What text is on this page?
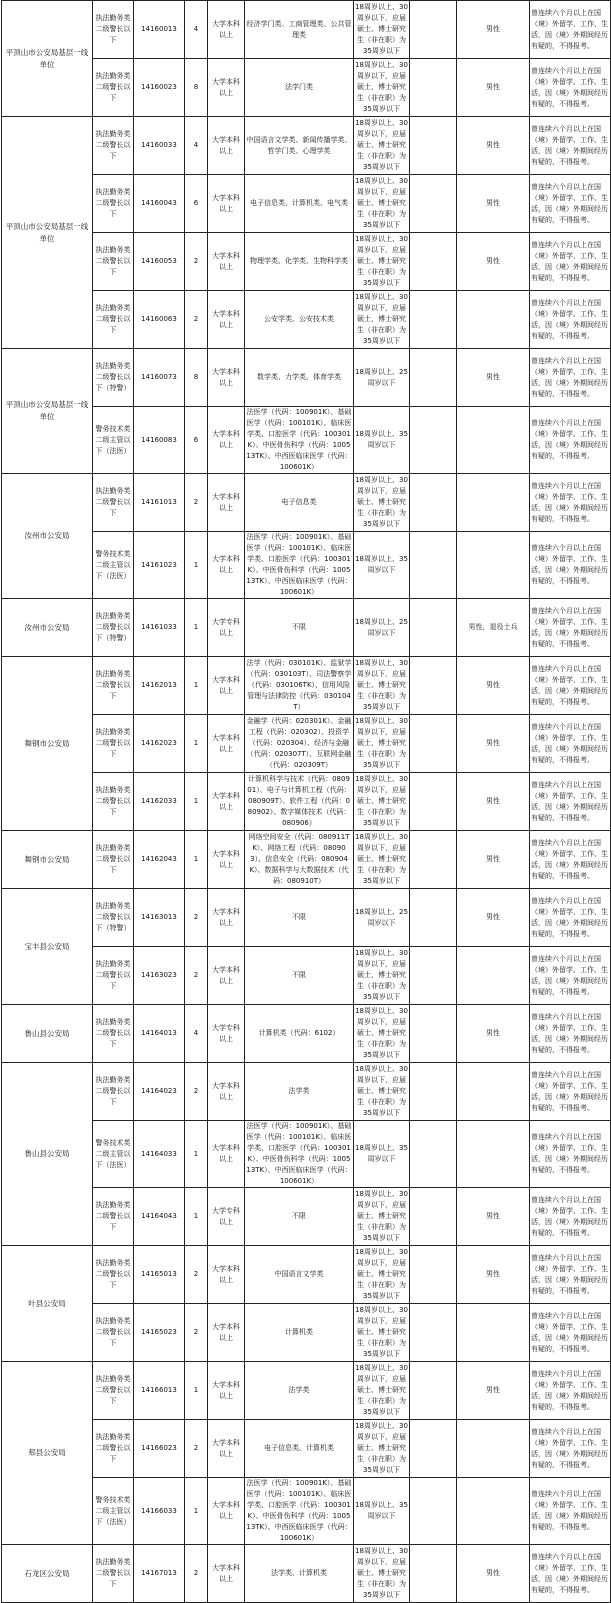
平顶山市公安局基层一线单位	执法勤务类二级警长以下	14160013	4	大学本科以上	经济学门类、工商管理类、公共管理类	18周岁以上、30周岁以下，应届硕士、博士研究生（非在职）为35周岁以下		男性		曾连续六个月以上在国（境）外留学、工作、生活，因（境）外期间经历有疑的，不得报考。
	执法勤务类二级警长以下	14160023	8	大学本科以上	法学门类	18周岁以上、30周岁以下，应届硕士、博士研究生（非在职）为35周岁以下		男性		曾连续六个月以上在国（境）外留学、工作、生活，因（境）外期间经历有疑的，不得报考。
平顶山市公安局基层一线单位	执法勤务类二级警长以下	14160033	4	大学本科以上	中国语言文学类、新闻传播学类、哲学门类、心理学类	18周岁以上、30周岁以下，应届硕士、博士研究生（非在职）为35周岁以下		男性		曾连续六个月以上在国（境）外留学、工作、生活，因（境）外期间经历有疑的，不得报考。
	执法勤务类二级警长以下	14160043	6	大学本科以上	电子信息类、计算机类、电气类	18周岁以上、30周岁以下，应届硕士、博士研究生（非在职）为35周岁以下		男性		曾连续六个月以上在国（境）外留学、工作、生活，因（境）外期间经历有疑的，不得报考。
	执法勤务类二级警长以下	14160053	2	大学本科以上	物理学类、化学类、生物科学类	18周岁以上、30周岁以下，应届硕士、博士研究生（非在职）为35周岁以下		男性		曾连续六个月以上在国（境）外留学、工作、生活，因（境）外期间经历有疑的，不得报考。
	执法勤务类二级警长以下	14160063	2	大学本科以上	公安学类、公安技术类	18周岁以上、30周岁以下，应届硕士、博士研究生（非在职）为35周岁以下				曾连续六个月以上在国（境）外留学、工作、生活，因（境）外期间经历有疑的，不得报考。
平顶山市公安局基层一线单位	执法勤务类二级警长以下（特警）	14160073	8	大学本科以上	数学类、力学类、体育学类	18周岁以上、25周岁以下		男性		曾连续六个月以上在国（境）外留学、工作、生活，因（境）外期间经历有疑的，不得报考。
	警务技术类二级主管以下（法医）	14160083	6	大学本科以上	法医学（代码：100901K）、基础医学（代码：100101K）、临床医学类、口腔医学（代码：100301K）、中医骨伤科学（代码：100513TK）、中西医临床医学（代码：100601K）	18周岁以上、35周岁以下				曾连续六个月以上在国（境）外留学、工作、生活，因（境）外期间经历有疑的，不得报考。
汝州市公安局	执法勤务类二级警长以下	14161013	2	大学本科以上	电子信息类	18周岁以上、30周岁以下，应届硕士、博士研究生（非在职）为35周岁以下				曾连续六个月以上在国（境）外留学、工作、生活，因（境）外期间经历有疑的，不得报考。
	警务技术类二级主管以下（法医）	14161023	1	大学本科以上	法医学（代码：100901K）、基础医学（代码：100101K）、临床医学类、口腔医学（代码：100301K）、中医骨伤科学（代码：100513TK）、中西医临床医学（代码：100601K）	18周岁以上、35周岁以下				曾连续六个月以上在国（境）外留学、工作、生活，因（境）外期间经历有疑的，不得报考。
汝州市公安局	执法勤务类二级警长以下（特警）	14161033	1	大学专科以上	不限	18周岁以上、25周岁以下		男性，退役士兵		曾连续六个月以上在国（境）外留学、工作、生活，因（境）外期间经历有疑的，不得报考。
舞钢市公安局	执法勤务类二级警长以下	14162013	1	大学本科以上	法学（代码：030101K）、监狱学（代码：030103T）、司法警察学（代码：030106TK）、信用风险管理与法律防控（代码：030104T）	18周岁以上、30周岁以下，应届硕士、博士研究生（非在职）为35周岁以下		男性		曾连续六个月以上在国（境）外留学、工作、生活，因（境）外期间经历有疑的，不得报考。
	执法勤务类二级警长以下	14162023	1	大学本科以上	金融学（代码：020301K）、金融工程（代码：020302）、投资学（代码：020304）、经济与金融（代码：020307T）、互联网金融（代码：020309T）	18周岁以上、30周岁以下，应届硕士、博士研究生（非在职）为35周岁以下		男性		曾连续六个月以上在国（境）外留学、工作、生活，因（境）外期间经历有疑的，不得报考。
	执法勤务类二级警长以下	14162033	1	大学本科以上	计算机科学与技术（代码：080901）、电子与计算机工程（代码：080909T）、软件工程（代码：080902）、数字媒体技术（代码：080906）	18周岁以上、30周岁以下，应届硕士、博士研究生（非在职）为35周岁以下		男性		曾连续六个月以上在国（境）外留学、工作、生活，因（境）外期间经历有疑的，不得报考。
舞钢市公安局	执法勤务类二级警长以下	14162043	1	大学本科以上	网络空间安全（代码：080911TK）、网络工程（代码：080903）、信息安全（代码：080904K）、数据科学与大数据技术（代码：080910T）	18周岁以上、30周岁以下，应届硕士、博士研究生（非在职）为35周岁以下		男性		曾连续六个月以上在国（境）外留学、工作、生活，因（境）外期间经历有疑的，不得报考。
宝丰县公安局	执法勤务类二级警长以下（特警）	14163013	2	大学本科以上	不限	18周岁以上、25周岁以下		男性		曾连续六个月以上在国（境）外留学、工作、生活，因（境）外期间经历有疑的，不得报考。
	执法勤务类二级警长以下	14163023	2	大学本科以上	不限	18周岁以上、30周岁以下，应届硕士、博士研究生（非在职）为35周岁以下				曾连续六个月以上在国（境）外留学、工作、生活，因（境）外期间经历有疑的，不得报考。
鲁山县公安局	执法勤务类二级警长以下	14164013	4	大学专科以上	计算机类（代码：6102）	18周岁以上、30周岁以下，应届硕士、博士研究生（非在职）为35周岁以下		男性		曾连续六个月以上在国（境）外留学、工作、生活，因（境）外期间经历有疑的，不得报考。
鲁山县公安局	执法勤务类二级警长以下	14164023	2	大学本科以上	法学类	18周岁以上、30周岁以下，应届硕士、博士研究生（非在职）为35周岁以下				曾连续六个月以上在国（境）外留学、工作、生活，因（境）外期间经历有疑的，不得报考。
	警务技术类二级主管以下（法医）	14164033	1	大学本科以上	法医学（代码：100901K）、基础医学（代码：100101K）、临床医学类、口腔医学（代码：100301K）、中医骨伤科学（代码：100513TK）、中西医临床医学（代码：100601K）	18周岁以上、35周岁以下				曾连续六个月以上在国（境）外留学、工作、生活，因（境）外期间经历有疑的，不得报考。
	执法勤务类二级警长以下	14164043	1	大学专科以上	不限	18周岁以上、30周岁以下，应届硕士、博士研究生（非在职）为35周岁以下		男性		曾连续六个月以上在国（境）外留学、工作、生活，因（境）外期间经历有疑的，不得报考。
叶县公安局	执法勤务类二级警长以下	14165013	2	大学本科以上	中国语言文学类	18周岁以上、30周岁以下，应届硕士、博士研究生（非在职）为35周岁以下		男性		曾连续六个月以上在国（境）外留学、工作、生活，因（境）外期间经历有疑的，不得报考。
	执法勤务类二级警长以下	14165023	2	大学本科以上	计算机类	18周岁以上、30周岁以下，应届硕士、博士研究生（非在职）为35周岁以下				曾连续六个月以上在国（境）外留学、工作、生活，因（境）外期间经历有疑的，不得报考。
郏县公安局	执法勤务类二级警长以下	14166013	1	大学本科以上	法学类	18周岁以上、30周岁以下，应届硕士、博士研究生（非在职）为35周岁以下		男性		曾连续六个月以上在国（境）外留学、工作、生活，因（境）外期间经历有疑的，不得报考。
	执法勤务类二级警长以下	14166023	2	大学本科以上	电子信息类、计算机类	18周岁以上、30周岁以下，应届硕士、博士研究生（非在职）为35周岁以下				曾连续六个月以上在国（境）外留学、工作、生活，因（境）外期间经历有疑的，不得报考。
	警务技术类二级主管以下（法医）	14166033	1	大学本科以上	法医学（代码：100901K）、基础医学（代码：100101K）、临床医学类、口腔医学（代码：100301K）、中医骨伤科学（代码：100513TK）、中西医临床医学（代码：100601K）	18周岁以上、35周岁以下				曾连续六个月以上在国（境）外留学、工作、生活，因（境）外期间经历有疑的，不得报考。
石龙区公安局	执法勤务类二级警长以下	14167013	2	大学本科以上	法学类、计算机类	18周岁以上、30周岁以下，应届硕士、博士研究生（非在职）为35周岁以下		男性		曾连续六个月以上在国（境）外留学、工作、生活，因（境）外期间经历有疑的，不得报考。
